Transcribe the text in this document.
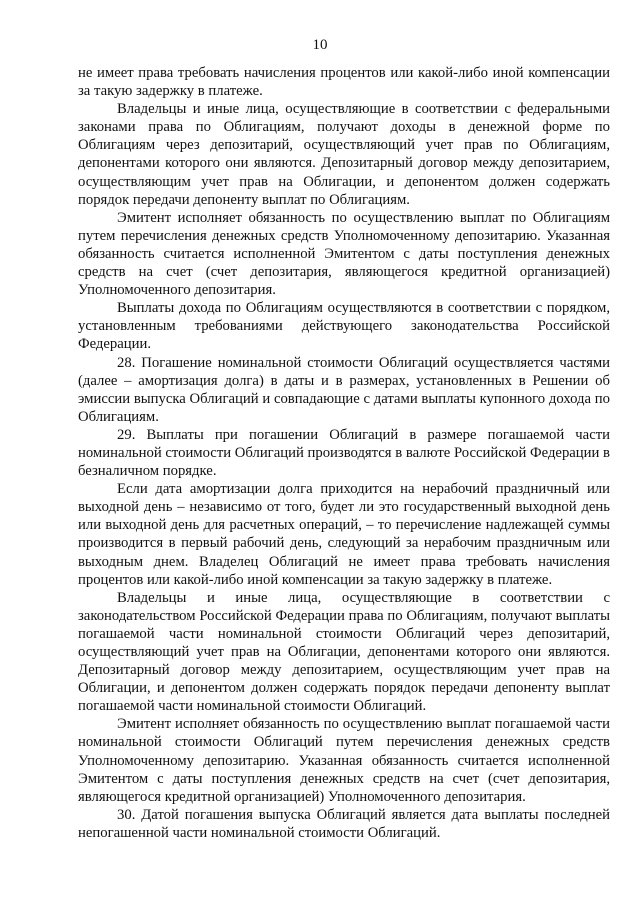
10

не имеет права требовать начисления процентов или какой-либо иной компенсации за такую задержку в платеже.

Владельцы и иные лица, осуществляющие в соответствии с федеральными законами права по Облигациям, получают доходы в денежной форме по Облигациям через депозитарий, осуществляющий учет прав по Облигациям, депонентами которого они являются. Депозитарный договор между депозитарием, осуществляющим учет прав на Облигации, и депонентом должен содержать порядок передачи депоненту выплат по Облигациям.

Эмитент исполняет обязанность по осуществлению выплат по Облигациям путем перечисления денежных средств Уполномоченному депозитарию. Указанная обязанность считается исполненной Эмитентом с даты поступления денежных средств на счет (счет депозитария, являющегося кредитной организацией) Уполномоченного депозитария.

Выплаты дохода по Облигациям осуществляются в соответствии с порядком, установленным требованиями действующего законодательства Российской Федерации.

28. Погашение номинальной стоимости Облигаций осуществляется частями (далее – амортизация долга) в даты и в размерах, установленных в Решении об эмиссии выпуска Облигаций и совпадающие с датами выплаты купонного дохода по Облигациям.

29. Выплаты при погашении Облигаций в размере погашаемой части номинальной стоимости Облигаций производятся в валюте Российской Федерации в безналичном порядке.

Если дата амортизации долга приходится на нерабочий праздничный или выходной день – независимо от того, будет ли это государственный выходной день или выходной день для расчетных операций, – то перечисление надлежащей суммы производится в первый рабочий день, следующий за нерабочим праздничным или выходным днем. Владелец Облигаций не имеет права требовать начисления процентов или какой-либо иной компенсации за такую задержку в платеже.

Владельцы и иные лица, осуществляющие в соответствии с законодательством Российской Федерации права по Облигациям, получают выплаты погашаемой части номинальной стоимости Облигаций через депозитарий, осуществляющий учет прав на Облигации, депонентами которого они являются. Депозитарный договор между депозитарием, осуществляющим учет прав на Облигации, и депонентом должен содержать порядок передачи депоненту выплат погашаемой части номинальной стоимости Облигаций.

Эмитент исполняет обязанность по осуществлению выплат погашаемой части номинальной стоимости Облигаций путем перечисления денежных средств Уполномоченному депозитарию. Указанная обязанность считается исполненной Эмитентом с даты поступления денежных средств на счет (счет депозитария, являющегося кредитной организацией) Уполномоченного депозитария.

30. Датой погашения выпуска Облигаций является дата выплаты последней непогашенной части номинальной стоимости Облигаций.
